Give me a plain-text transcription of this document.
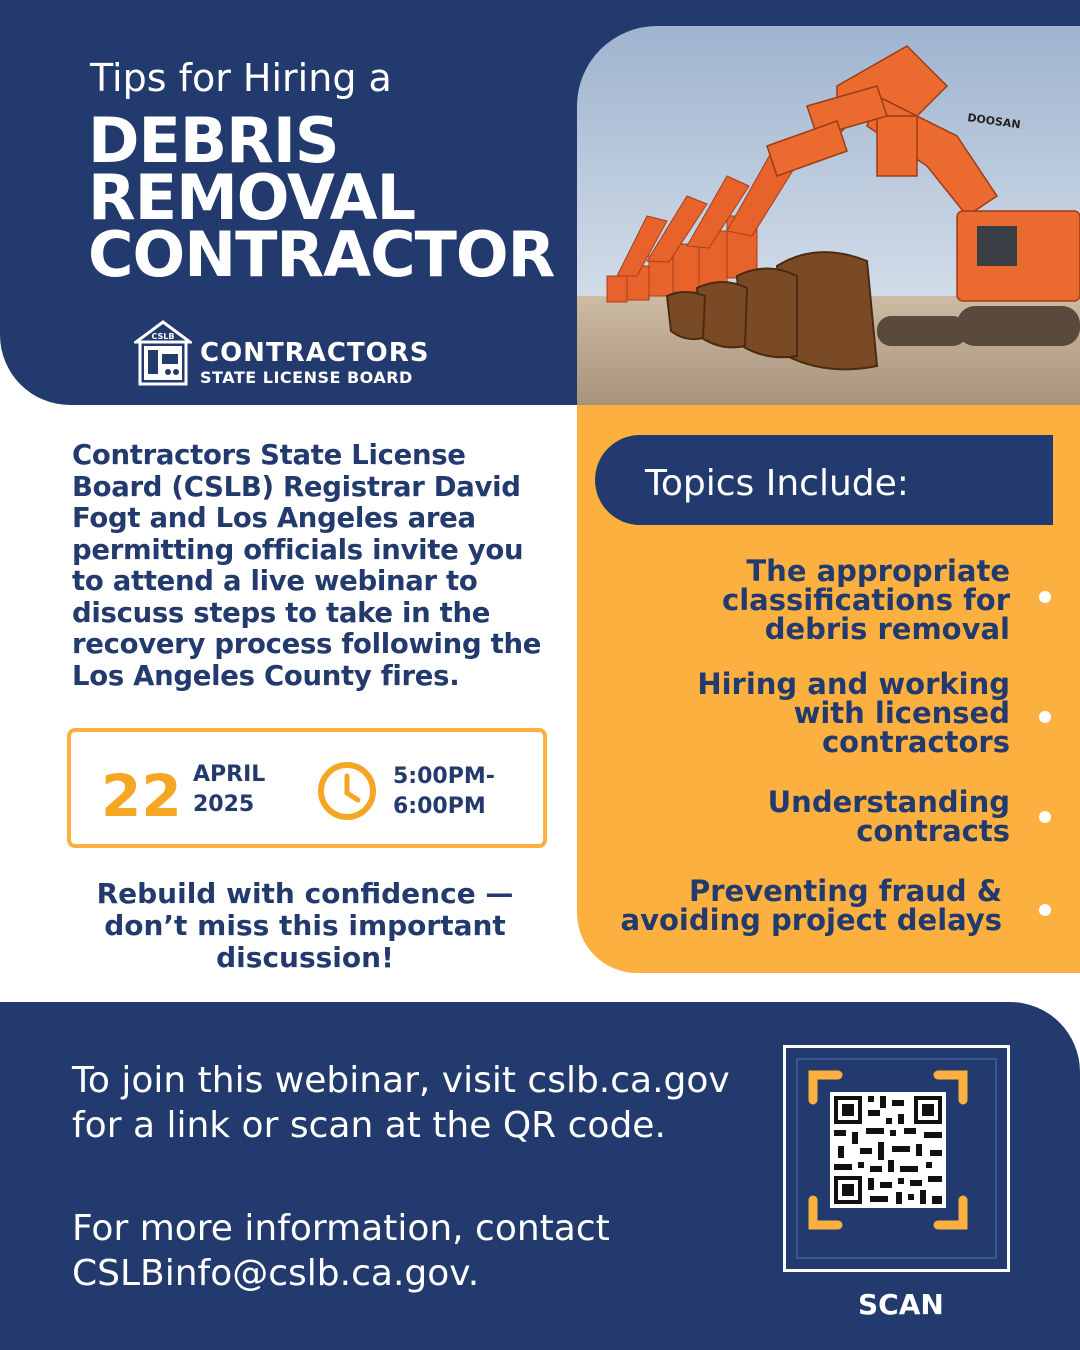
Tips for Hiring a
DEBRIS
REMOVAL
CONTRACTOR
CSLB
CONTRACTORS
STATE LICENSE BOARD
DOOSAN
Contractors State License Board (CSLB) Registrar David Fogt and Los Angeles area permitting officials invite you to attend a live webinar to discuss steps to take in the recovery process following the Los Angeles County fires.
22 APRIL
2025
5:00PM-
6:00PM
Rebuild with confidence —
don’t miss this important
discussion!
Topics Include:
The appropriate
classifications for
debris removal
Hiring and working
with licensed
contractors
Understanding
contracts
Preventing fraud &
avoiding project delays
To join this webinar, visit cslb.ca.gov for a link or scan at the QR code.
For more information, contact CSLBinfo@cslb.ca.gov.
SCAN
